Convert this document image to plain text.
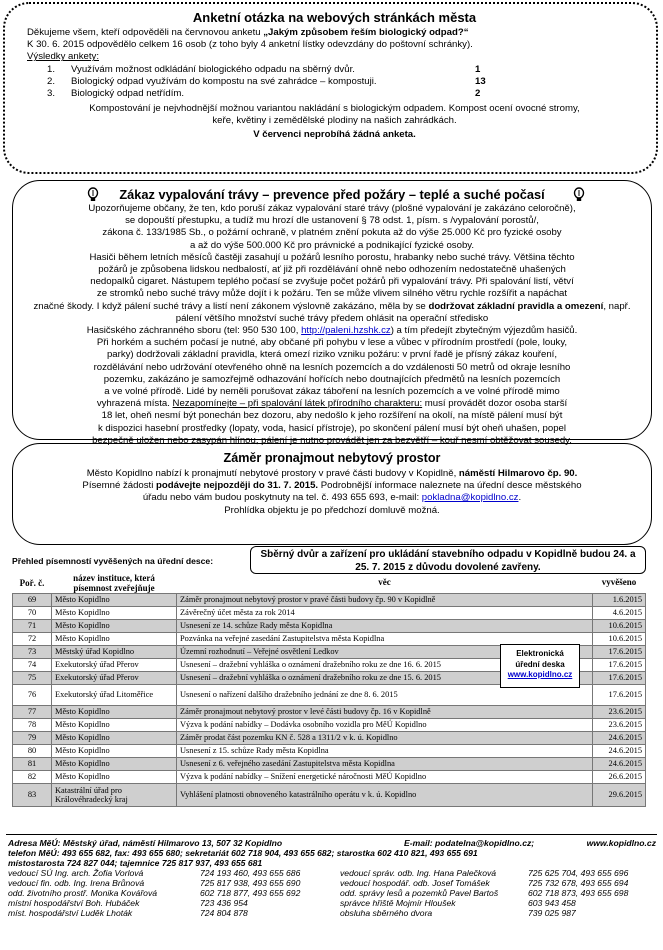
Anketní otázka na webových stránkách města

Děkujeme všem, kteří odpověděli na červnovou anketu „Jakým způsobem řeším biologický odpad?“

K 30. 6. 2015 odpovědělo celkem 16 osob (z toho byly 4 anketní lístky odevzdány do poštovní schránky).

Výsledky ankety:

1. Využívám možnost odkládání biologického odpadu na sběrný dvůr.	1
2. Biologický odpad využívám do kompostu na své zahrádce – kompostuji.	13
3. Biologický odpad netřídím.	2

Kompostování je nejvhodnější možnou variantou nakládání s biologickým odpadem. Kompost ocení ovocné stromy,

keře, květiny i zemědělské plodiny na našich zahrádkách.

V červenci neprobíhá žádná anketa.

Zákaz vypalování trávy – prevence před požáry – teplé a suché počasí

Upozorňujeme občany, že ten, kdo poruší zákaz vypalování staré trávy (plošné vypalování je zakázáno celoročně),

se dopouští přestupku, a tudíž mu hrozí dle ustanovení § 78 odst. 1, písm. s /vypalování porostů/,

zákona č. 133/1985 Sb., o požární ochraně, v platném znění pokuta až do výše 25.000 Kč pro fyzické osoby

a až do výše 500.000 Kč pro právnické a podnikající fyzické osoby.

Hasiči během letních měsíců častěji zasahují u požárů lesního porostu, hrabanky nebo suché trávy. Většina těchto

požárů je způsobena lidskou nedbalostí, ať již při rozdělávání ohně nebo odhozením nedostatečně uhašených

nedopalků cigaret. Nástupem teplého počasí se zvyšuje počet požárů při vypalování trávy. Při spalování listí, větví

ze stromků nebo suché trávy může dojít i k požáru. Ten se může vlivem silného větru rychle rozšířit a napáchat

značné škody. I když pálení suché trávy a listí není zákonem výslovně zakázáno, měla by se dodržovat základní pravidla a omezení, např. pálení většího množství suché trávy předem ohlásit na operační středisko

Hasičského záchranného sboru (tel: 950 530 100, http://paleni.hzshk.cz) a tím předejít zbytečným výjezdům hasičů.

Při horkém a suchém počasí je nutné, aby občané při pohybu v lese a vůbec v přírodním prostředí (pole, louky,

parky) dodržovali základní pravidla, která omezí riziko vzniku požáru: v první řadě je přísný zákaz kouření,

rozdělávání nebo udržování otevřeného ohně na lesních pozemcích a do vzdálenosti 50 metrů od okraje lesního

pozemku, zakázáno je samozřejmě odhazování hořících nebo doutnajících předmětů na lesních pozemcích

a ve volné přírodě. Lidé by neměli porušovat zákaz táboření na lesních pozemcích a ve volné přírodě mimo

vyhrazená místa. Nezapomínejte – při spalování látek přírodního charakteru: musí provádět dozor osoba starší

18 let, oheň nesmí být ponechán bez dozoru, aby nedošlo k jeho rozšíření na okolí, na místě pálení musí být

k dispozici hasební prostředky (lopaty, voda, hasicí přístroje), po skončení pálení musí být oheň uhašen, popel

bezpečně uložen nebo zasypán hlínou, pálení je nutno provádět jen za bezvětří – kouř nesmí obtěžovat sousedy.

Záměr pronajmout nebytový prostor

Město Kopidlno nabízí k pronajmutí nebytové prostory v pravé části budovy v Kopidlně, náměstí Hilmarovo čp. 90.

Písemné žádosti podávejte nejpozději do 31. 7. 2015. Podrobnější informace naleznete na úřední desce městského

úřadu nebo vám budou poskytnuty na tel. č. 493 655 693, e-mail: pokladna@kopidlno.cz.

Prohlídka objektu je po předchozí domluvě možná.

Přehled písemností vyvěšených na úřední desce:
Sběrný dvůr a zařízení pro ukládání stavebního odpadu v Kopidlně budou 24. a 25. 7. 2015 z důvodu dovolené zavřeny.
Poř. č.	název instituce, která písemnost zveřejňuje	věc	vyvěšeno
69	Město Kopidlno	Záměr pronajmout nebytový prostor v pravé části budovy čp. 90 v Kopidlně	1.6.2015
70	Město Kopidlno	Závěrečný účet města za rok 2014	4.6.2015
71	Město Kopidlno	Usnesení ze 14. schůze Rady města Kopidlna	10.6.2015
72	Město Kopidlno	Pozvánka na veřejné zasedání Zastupitelstva města Kopidlna	10.6.2015
73	Městský úřad Kopidlno	Územní rozhodnutí – Veřejné osvětlení Ledkov	17.6.2015
74	Exekutorský úřad Přerov	Usnesení – dražební vyhláška o oznámení dražebního roku ze dne 16. 6. 2015	17.6.2015
75	Exekutorský úřad Přerov	Usnesení – dražební vyhláška o oznámení dražebního roku ze dne 15. 6. 2015	17.6.2015
76	Exekutorský úřad Litoměřice	Usnesení o nařízení dalšího dražebního jednání ze dne 8. 6. 2015	17.6.2015
77	Město Kopidlno	Záměr pronajmout nebytový prostor v levé části budovy čp. 16 v Kopidlně	23.6.2015
78	Město Kopidlno	Výzva k podání nabídky – Dodávka osobního vozidla pro MěÚ Kopidlno	23.6.2015
79	Město Kopidlno	Záměr prodat část pozemku KN č. 528 a 1311/2 v k. ú. Kopidlno	24.6.2015
80	Město Kopidlno	Usnesení z 15. schůze Rady města Kopidlna	24.6.2015
81	Město Kopidlno	Usnesení z 6. veřejného zasedání Zastupitelstva města Kopidlna	24.6.2015
82	Město Kopidlno	Výzva k podání nabídky – Snížení energetické náročnosti MěÚ Kopidlno	26.6.2015
83	Katastrální úřad pro Královéhradecký kraj	Vyhlášení platnosti obnoveného katastrálního operátu v k. ú. Kopidlno	29.6.2015
Elektronická
úřední deska
www.kopidlno.cz
Adresa MěÚ: Městský úřad, náměstí Hilmarovo 13, 507 32 Kopidlno	E-mail: podatelna@kopidlno.cz;	www.kopidlno.cz
telefon MěÚ: 493 655 682, fax: 493 655 680; sekretariát 602 718 904, 493 655 682; starostka 602 410 821, 493 655 691
místostarosta 724 827 044; tajemnice 725 817 937, 493 655 681
vedoucí SÚ Ing. arch. Žofia Vorlová	724 193 460, 493 655 686	vedoucí správ. odb. Ing. Hana Palečková	725 625 704, 493 655 696
vedoucí fin. odb. Ing. Irena Brůnová	725 817 938, 493 655 690	vedoucí hospodář. odb. Josef Tomášek	725 732 678, 493 655 694
odd. životního prostř. Monika Kovářová	602 718 877, 493 655 692	odd. správy lesů a pozemků Pavel Bartoš	602 718 873, 493 655 698
místní hospodářství Boh. Hubáček	723 436 954	správce hřiště Mojmír Hloušek	603 943 458
míst. hospodářství Luděk Lhoták	724 804 878	obsluha sběrného dvora	739 025 987
